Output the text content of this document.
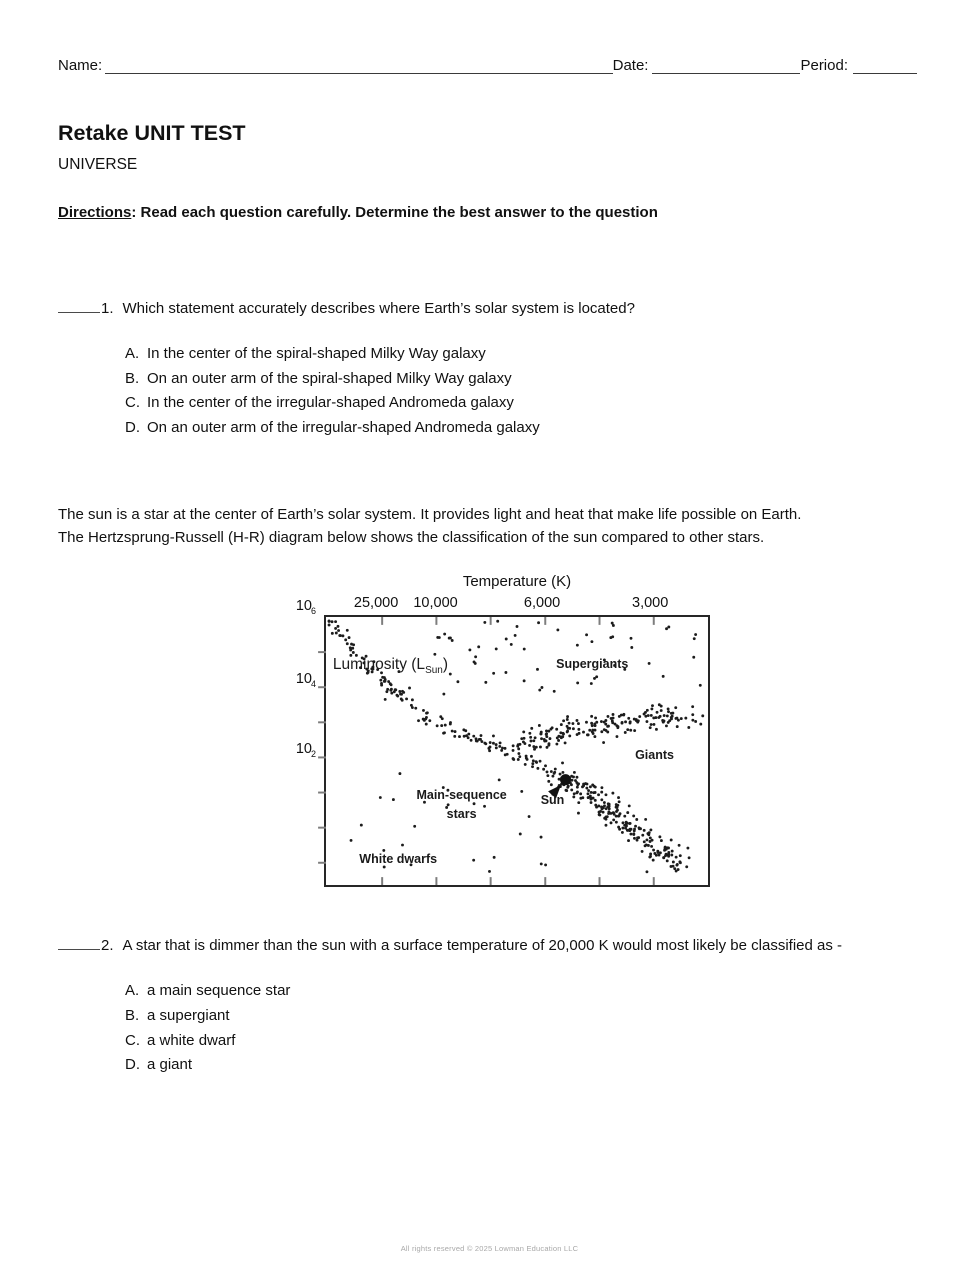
Name:	Date:	Period:
Retake UNIT TEST
UNIVERSE
Directions: Read each question carefully. Determine the best answer to the question
1. Which statement accurately describes where Earth’s solar system is located?
A. In the center of the spiral-shaped Milky Way galaxy
B. On an outer arm of the spiral-shaped Milky Way galaxy
C. In the center of the irregular-shaped Andromeda galaxy
D. On an outer arm of the irregular-shaped Andromeda galaxy
The sun is a star at the center of Earth’s solar system. It provides light and heat that make life possible on Earth.
The Hertzsprung-Russell (H-R) diagram below shows the classification of the sun compared to other stars.
Temperature (K)
25,000 10,000	6,000	3,000
10
$^6$
10
$^4$
10
$^2$
Luminosity $(L_{Sun})$	Supergiants
Giants
Main-sequence
stars
Sun
White dwarfs
2. A star that is dimmer than the sun with a surface temperature of 20,000 K would most likely be classified as -
A. a main sequence star
B. a supergiant
C. a white dwarf
D. a giant
All rights reserved © 2025 Lowman Education LLC
